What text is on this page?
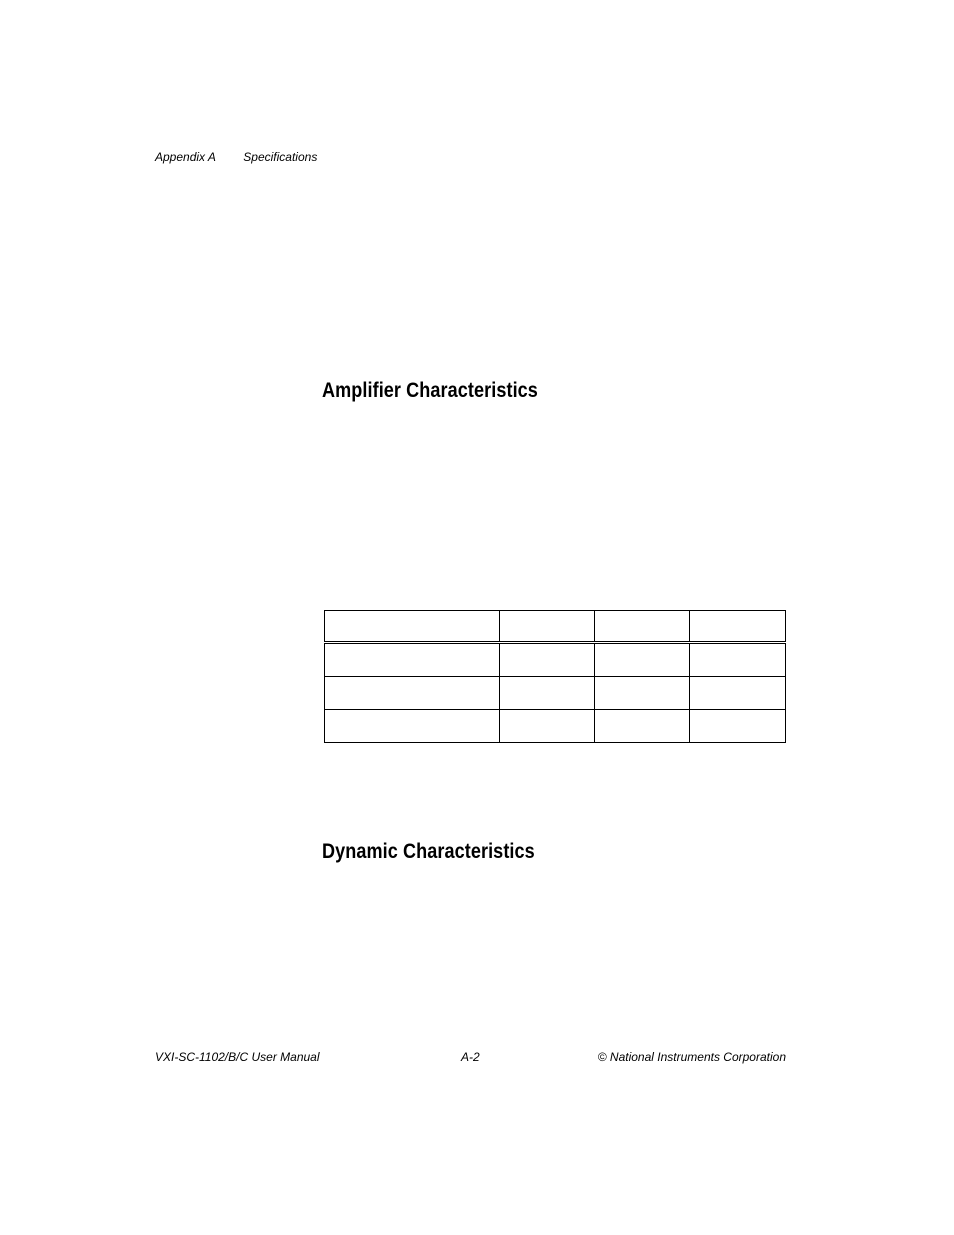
Appendix A Specifications
Amplifier Characteristics

Dynamic Characteristics
VXI-SC-1102/B/C User Manual	A-2	© National Instruments Corporation
